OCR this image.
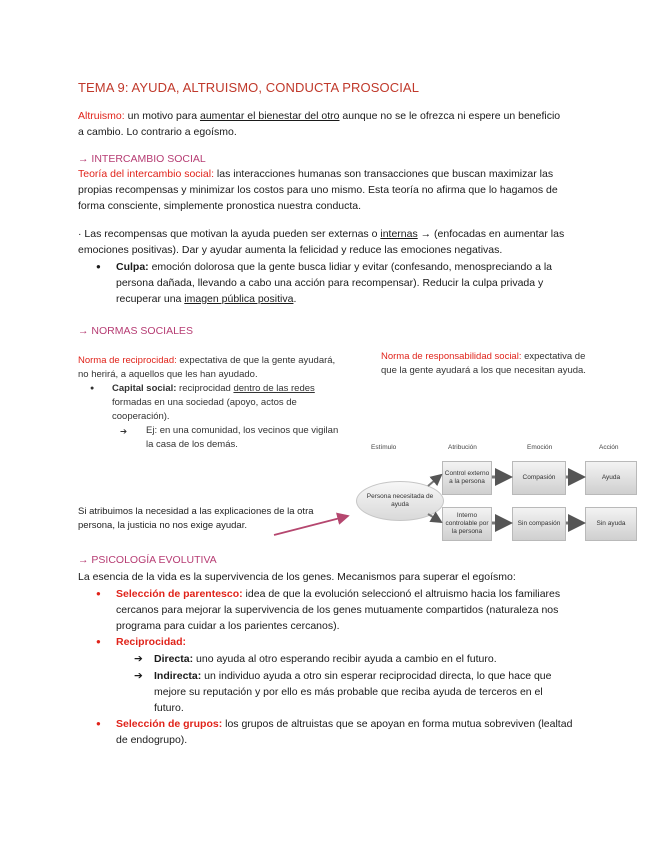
TEMA 9: AYUDA, ALTRUISMO, CONDUCTA PROSOCIAL
Altruismo: un motivo para aumentar el bienestar del otro aunque no se le ofrezca ni espere un beneficio
a cambio. Lo contrario a egoísmo.
→ INTERCAMBIO SOCIAL
Teoría del intercambio social: las interacciones humanas son transacciones que buscan maximizar las
propias recompensas y minimizar los costos para uno mismo. Esta teoría no afirma que lo hagamos de
forma consciente, simplemente pronostica nuestra conducta.
· Las recompensas que motivan la ayuda pueden ser externas o internas → (enfocadas en aumentar las
emociones positivas). Dar y ayudar aumenta la felicidad y reduce las emociones negativas.
● Culpa: emoción dolorosa que la gente busca lidiar y evitar (confesando, menospreciando a la
persona dañada, llevando a cabo una acción para recompensar). Reducir la culpa privada y
recuperar una imagen pública positiva.
→ NORMAS SOCIALES
Norma de reciprocidad: expectativa de que la gente ayudará,
no herirá, a aquellos que les han ayudado.
● Capital social: reciprocidad dentro de las redes
formadas en una sociedad (apoyo, actos de
cooperación).
➔ Ej: en una comunidad, los vecinos que vigilan
la casa de los demás.
Norma de responsabilidad social: expectativa de
que la gente ayudará a los que necesitan ayuda.
Estímulo	Atribución	Emoción	Acción
Persona necesitada de ayuda
Control externo a la persona
Compasión	Ayuda
Interno controlable por la persona
Sin compasión	Sin ayuda
Si atribuimos la necesidad a las explicaciones de la otra
persona, la justicia no nos exige ayudar.
→ PSICOLOGÍA EVOLUTIVA
La esencia de la vida es la supervivencia de los genes. Mecanismos para superar el egoísmo:
● Selección de parentesco: idea de que la evolución seleccionó el altruismo hacia los familiares
cercanos para mejorar la supervivencia de los genes mutuamente compartidos (naturaleza nos
programa para cuidar a los parientes cercanos).
●	Reciprocidad:
➔	Directa: uno ayuda al otro esperando recibir ayuda a cambio en el futuro.
➔ Indirecta: un individuo ayuda a otro sin esperar reciprocidad directa, lo que hace que
mejore su reputación y por ello es más probable que reciba ayuda de terceros en el
futuro.
● Selección de grupos: los grupos de altruistas que se apoyan en forma mutua sobreviven (lealtad
de endogrupo).
